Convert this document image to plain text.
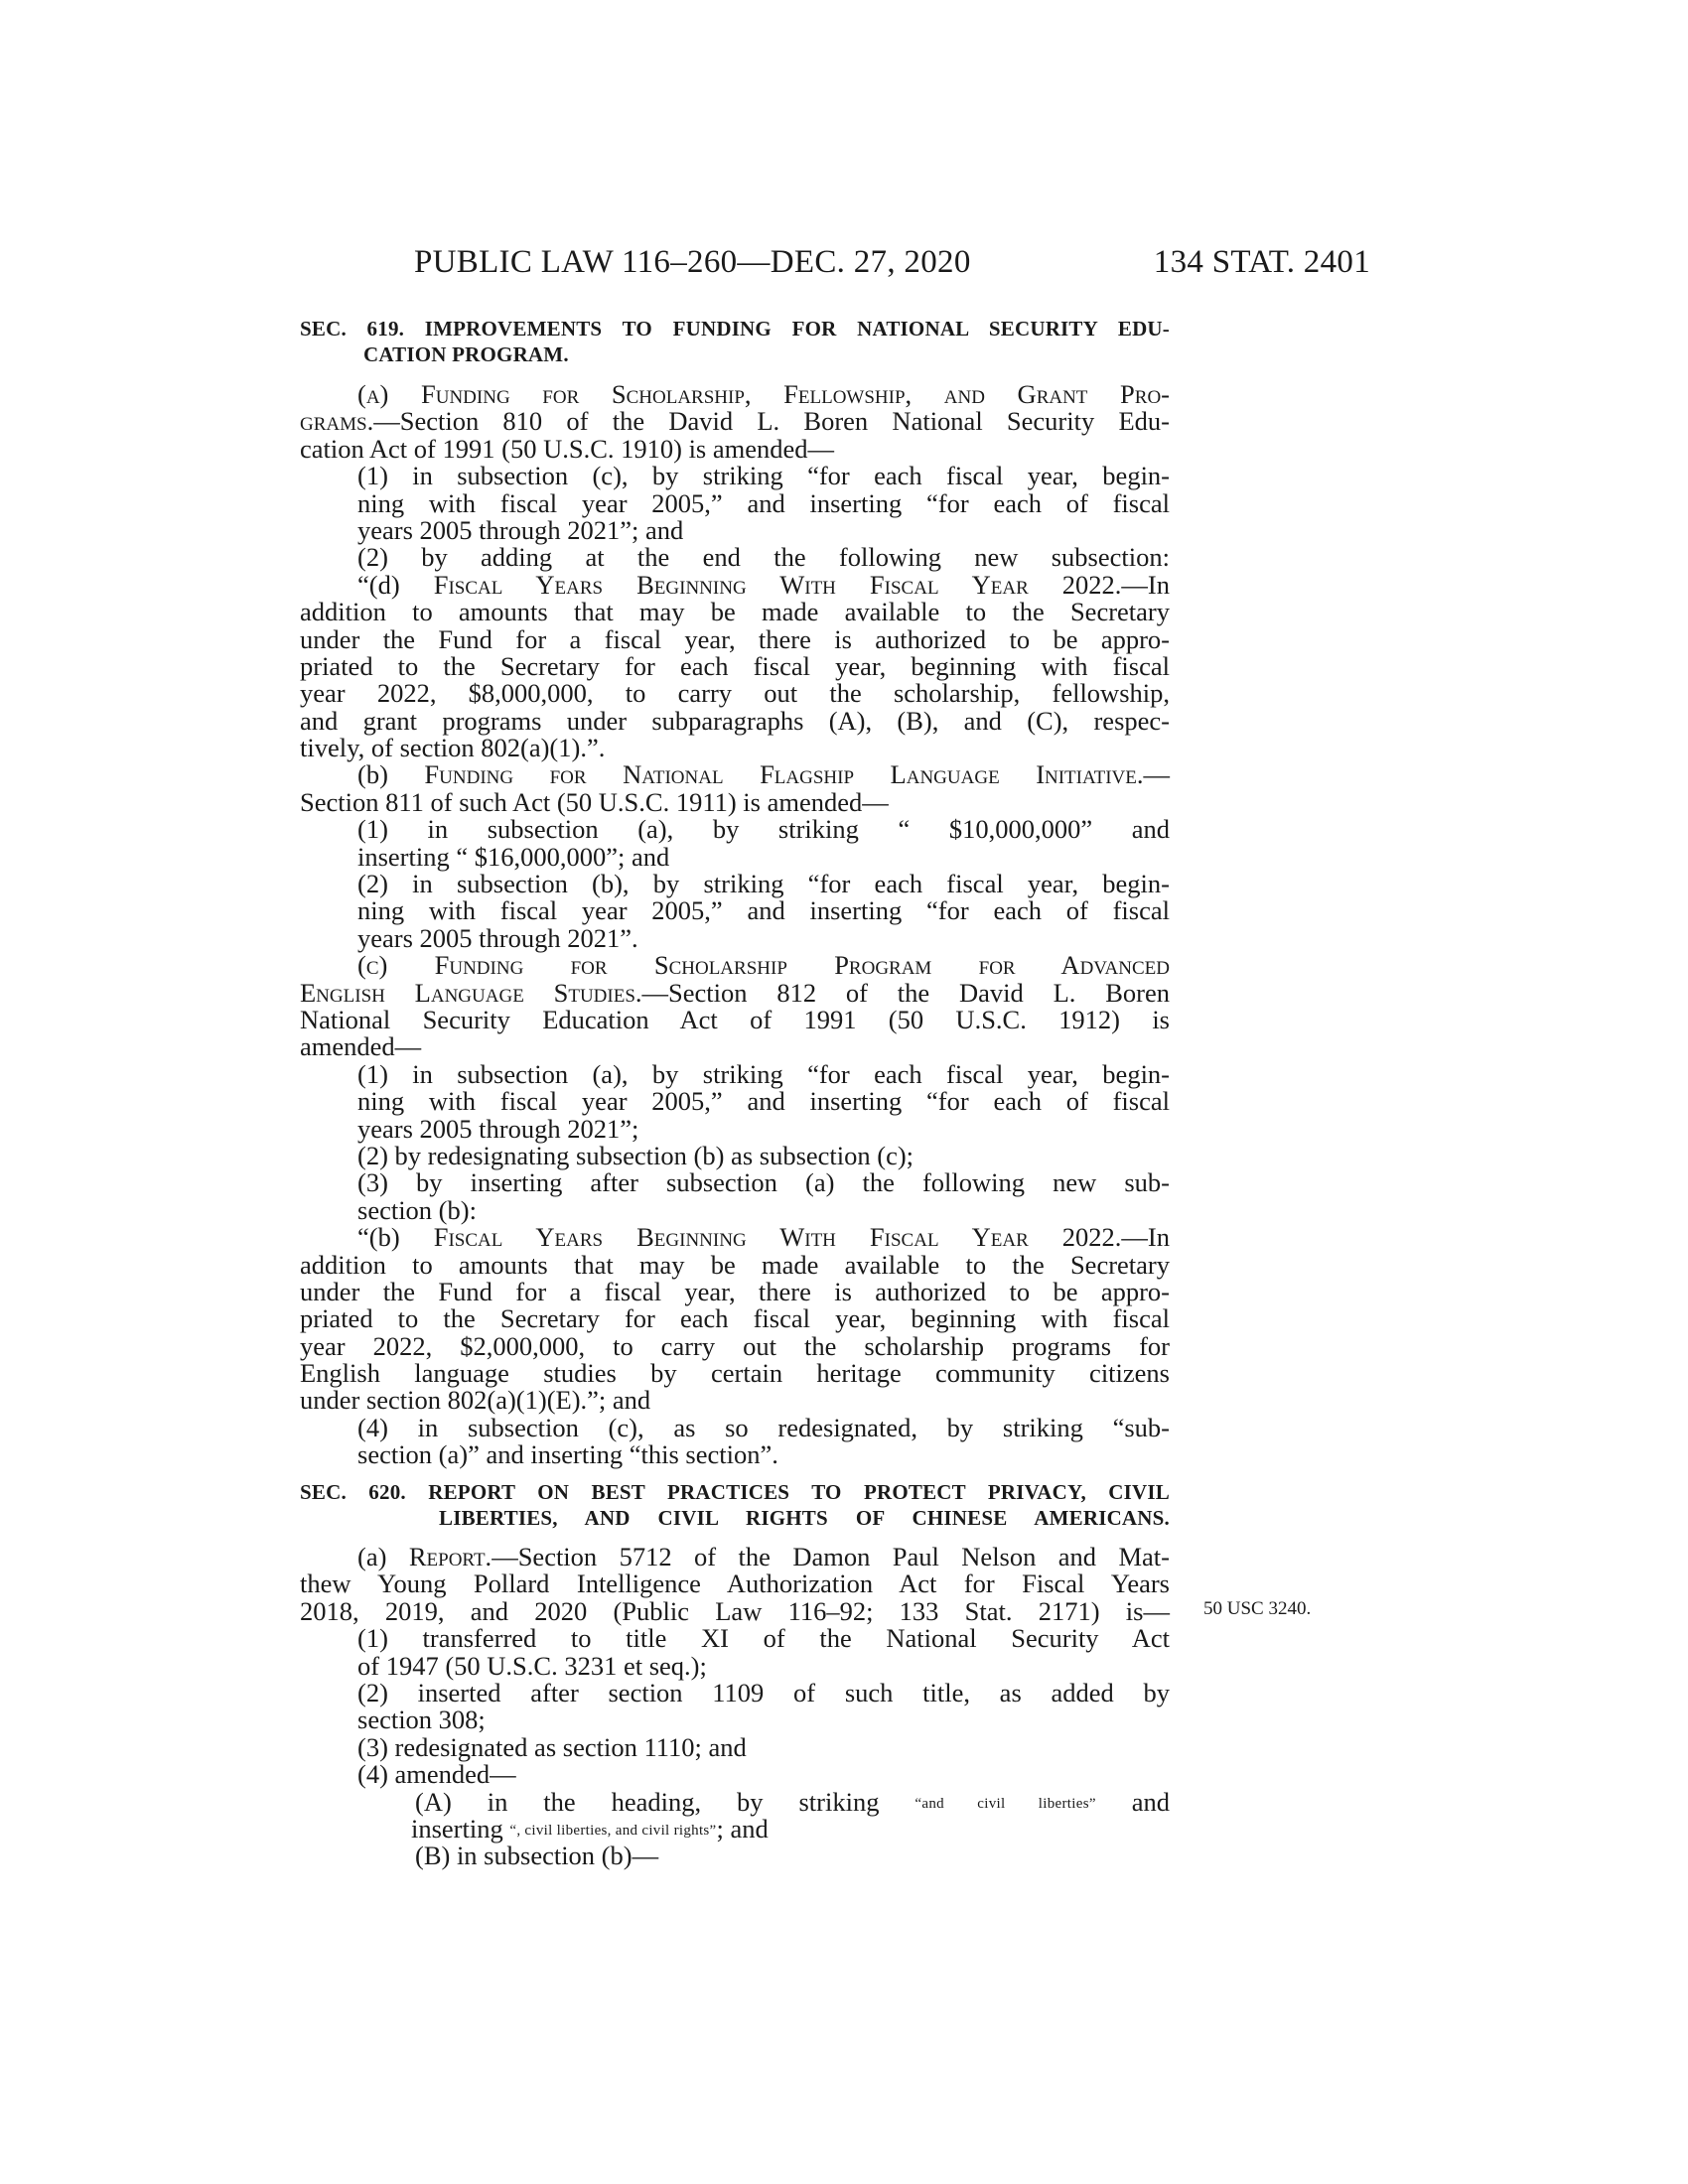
PUBLIC LAW 116–260—DEC. 27, 2020	134 STAT. 2401
SEC. 619. IMPROVEMENTS TO FUNDING FOR NATIONAL SECURITY EDU-
CATION PROGRAM.
(a) Funding for Scholarship, Fellowship, and Grant Pro-
grams.—Section 810 of the David L. Boren National Security Edu-
cation Act of 1991 (50 U.S.C. 1910) is amended—
(1) in subsection (c), by striking “for each fiscal year, begin-
ning with fiscal year 2005,” and inserting “for each of fiscal
years 2005 through 2021”; and
(2) by adding at the end the following new subsection:
“(d) Fiscal Years Beginning With Fiscal Year 2022.—In
addition to amounts that may be made available to the Secretary
under the Fund for a fiscal year, there is authorized to be appro-
priated to the Secretary for each fiscal year, beginning with fiscal
year 2022, $8,000,000, to carry out the scholarship, fellowship,
and grant programs under subparagraphs (A), (B), and (C), respec-
tively, of section 802(a)(1).”.
(b) Funding for National Flagship Language Initiative.—
Section 811 of such Act (50 U.S.C. 1911) is amended—
(1) in subsection (a), by striking “ $10,000,000” and
inserting “ $16,000,000”; and
(2) in subsection (b), by striking “for each fiscal year, begin-
ning with fiscal year 2005,” and inserting “for each of fiscal
years 2005 through 2021”.
(c) Funding for Scholarship Program for Advanced
English Language Studies.—Section 812 of the David L. Boren
National Security Education Act of 1991 (50 U.S.C. 1912) is
amended—
(1) in subsection (a), by striking “for each fiscal year, begin-
ning with fiscal year 2005,” and inserting “for each of fiscal
years 2005 through 2021”;
(2) by redesignating subsection (b) as subsection (c);
(3) by inserting after subsection (a) the following new sub-
section (b):
“(b) Fiscal Years Beginning With Fiscal Year 2022.—In
addition to amounts that may be made available to the Secretary
under the Fund for a fiscal year, there is authorized to be appro-
priated to the Secretary for each fiscal year, beginning with fiscal
year 2022, $2,000,000, to carry out the scholarship programs for
English language studies by certain heritage community citizens
under section 802(a)(1)(E).”; and
(4) in subsection (c), as so redesignated, by striking “sub-
section (a)” and inserting “this section”.
SEC. 620. REPORT ON BEST PRACTICES TO PROTECT PRIVACY, CIVIL
LIBERTIES, AND CIVIL RIGHTS OF CHINESE AMERICANS.
(a) Report.—Section 5712 of the Damon Paul Nelson and Mat-
thew Young Pollard Intelligence Authorization Act for Fiscal Years
2018, 2019, and 2020 (Public Law 116–92; 133 Stat. 2171) is—
(1) transferred to title XI of the National Security Act
of 1947 (50 U.S.C. 3231 et seq.);
(2) inserted after section 1109 of such title, as added by
section 308;
(3) redesignated as section 1110; and
(4) amended—
(A) in the heading, by striking “and civil liberties” and
inserting “, civil liberties, and civil rights”; and
(B) in subsection (b)—
50 USC 3240.
